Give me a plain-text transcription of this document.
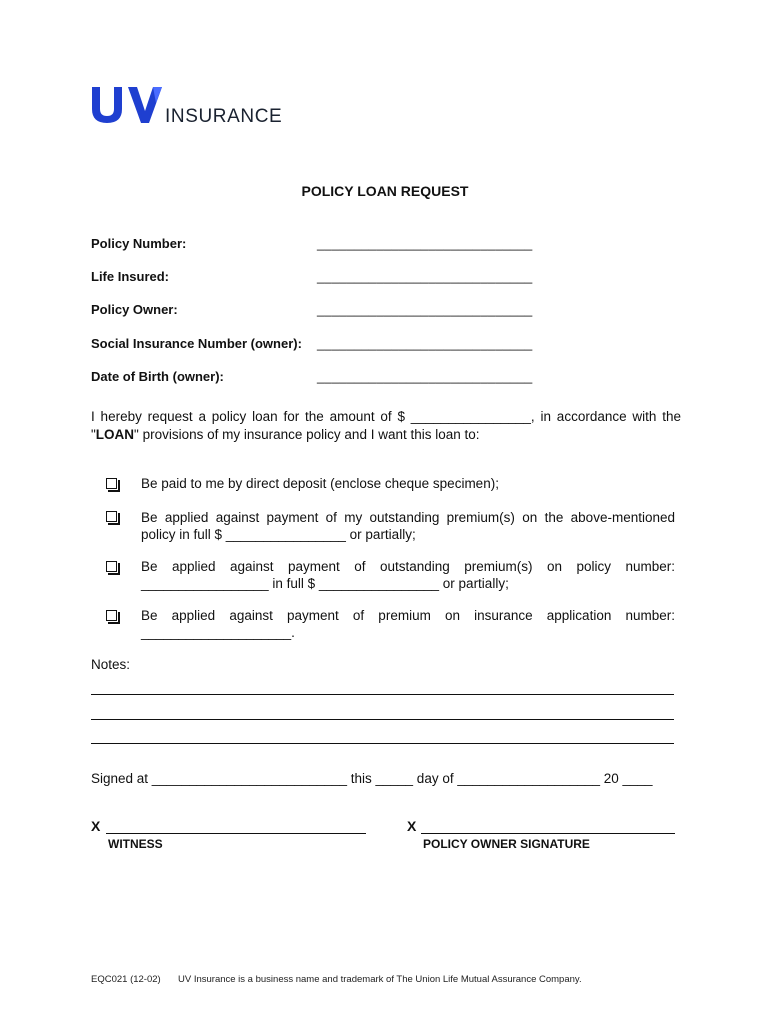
INSURANCE
POLICY LOAN REQUEST
Policy Number:	_____________________________
Life Insured:	_____________________________
Policy Owner:	_____________________________
Social Insurance Number (owner): _____________________________
Date of Birth (owner):	_____________________________
I hereby request a policy loan for the amount of $ ________________, in accordance with the
"LOAN" provisions of my insurance policy and I want this loan to:
Be paid to me by direct deposit (enclose cheque specimen);
Be applied against payment of my outstanding premium(s) on the above-mentioned
policy in full $ ________________ or partially;
Be applied against payment of outstanding premium(s) on policy number:
_________________ in full $ ________________ or partially;
Be applied against payment of premium on insurance application number:
____________________.
Notes:
Signed at __________________________ this _____ day of ___________________ 20 ____
X
WITNESS
X
POLICY OWNER SIGNATURE
EQC021 (12-02) UV Insurance is a business name and trademark of The Union Life Mutual Assurance Company.
